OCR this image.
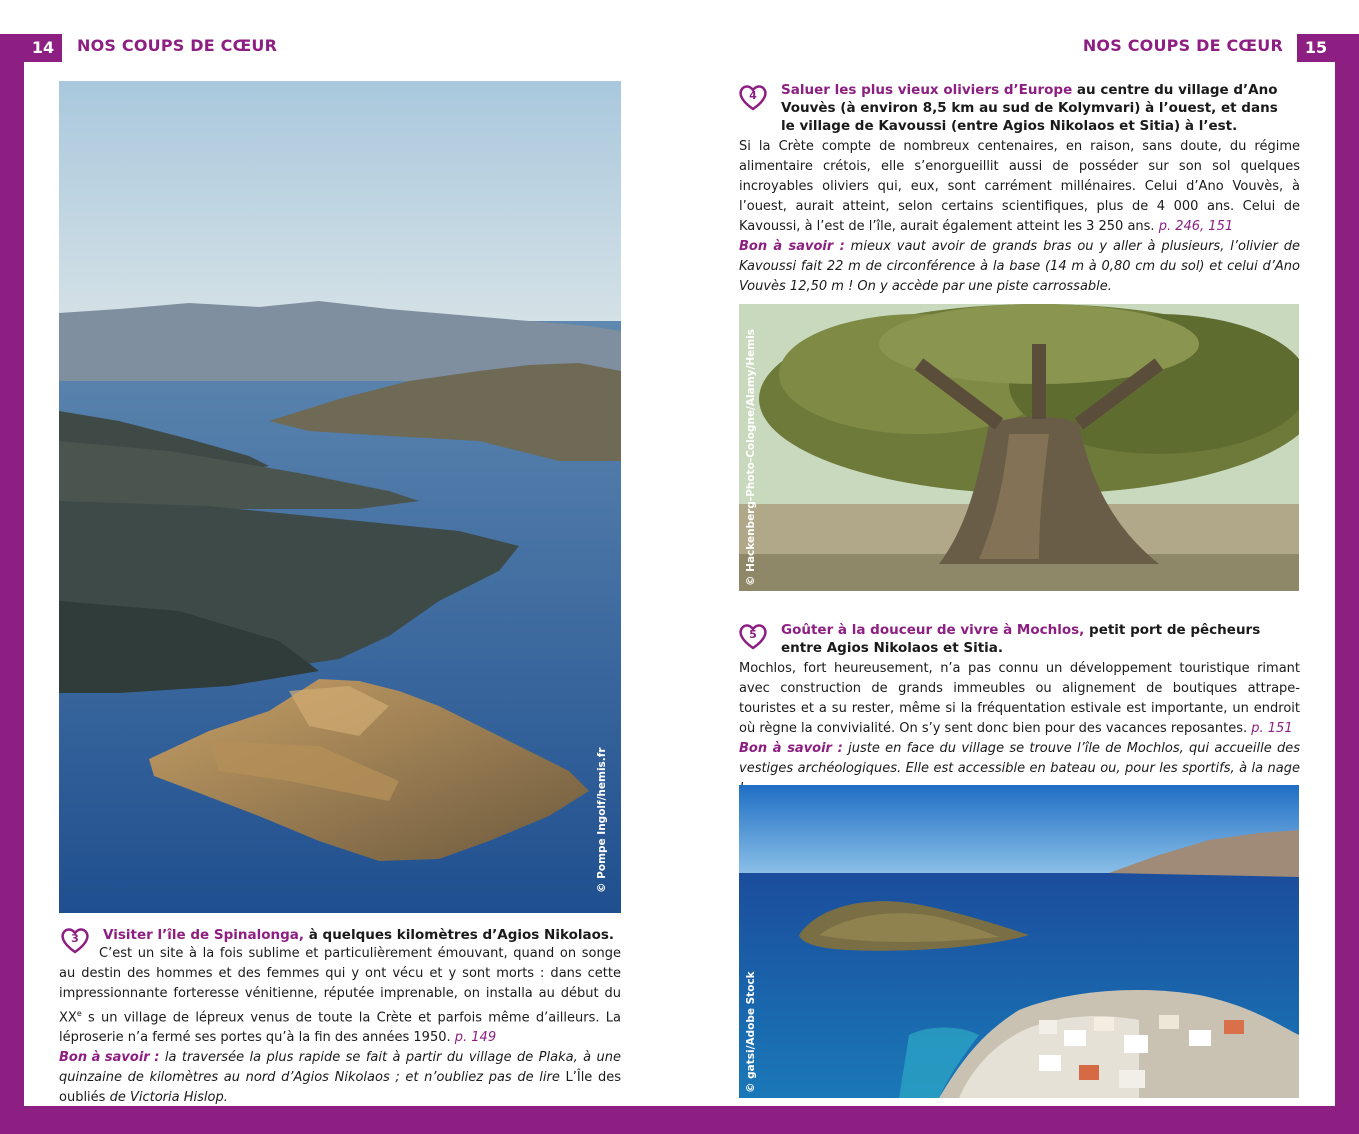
14	NOS COUPS DE CŒUR	NOS COUPS DE CŒUR	15
© Pompe Ingolf/hemis.fr
3	Visiter l’île de Spinalonga, à quelques kilomètres d’Agios Nikolaos.
C’est un site à la fois sublime et particulièrement émouvant, quand on songe au destin des hommes et des femmes qui y ont vécu et y sont morts : dans cette impressionnante forteresse vénitienne, réputée imprenable, on installa au début du XXe s un village de lépreux venus de toute la Crète et parfois même d’ailleurs. La léproserie n’a fermé ses portes qu’à la fin des années 1950. p. 149
Bon à savoir : la traversée la plus rapide se fait à partir du village de Plaka, à une quinzaine de kilomètres au nord d’Agios Nikolaos ; et n’oubliez pas de lire L’Île des oubliés de Victoria Hislop.
4	Saluer les plus vieux oliviers d’Europe au centre du village d’Ano Vouvès (à environ 8,5 km au sud de Kolymvari) à l’ouest, et dans le village de Kavoussi (entre Agios Nikolaos et Sitia) à l’est.
Si la Crète compte de nombreux centenaires, en raison, sans doute, du régime alimentaire crétois, elle s’enorgueillit aussi de posséder sur son sol quelques incroyables oliviers qui, eux, sont carrément millénaires. Celui d’Ano Vouvès, à l’ouest, aurait atteint, selon certains scientifiques, plus de 4 000 ans. Celui de Kavoussi, à l’est de l’île, aurait également atteint les 3 250 ans. p. 246, 151
Bon à savoir : mieux vaut avoir de grands bras ou y aller à plusieurs, l’olivier de Kavoussi fait 22 m de circonférence à la base (14 m à 0,80 cm du sol) et celui d’Ano Vouvès 12,50 m ! On y accède par une piste carrossable.
© Hackenberg-Photo-Cologne/Alamy/Hemis
5	Goûter à la douceur de vivre à Mochlos, petit port de pêcheurs entre Agios Nikolaos et Sitia.
Mochlos, fort heureusement, n’a pas connu un développement touristique rimant avec construction de grands immeubles ou alignement de boutiques attrape-touristes et a su rester, même si la fréquentation estivale est importante, un endroit où règne la convivialité. On s’y sent donc bien pour des vacances reposantes. p. 151
Bon à savoir : juste en face du village se trouve l’île de Mochlos, qui accueille des vestiges archéologiques. Elle est accessible en bateau ou, pour les sportifs, à la nage
© gatsi/Adobe Stock
